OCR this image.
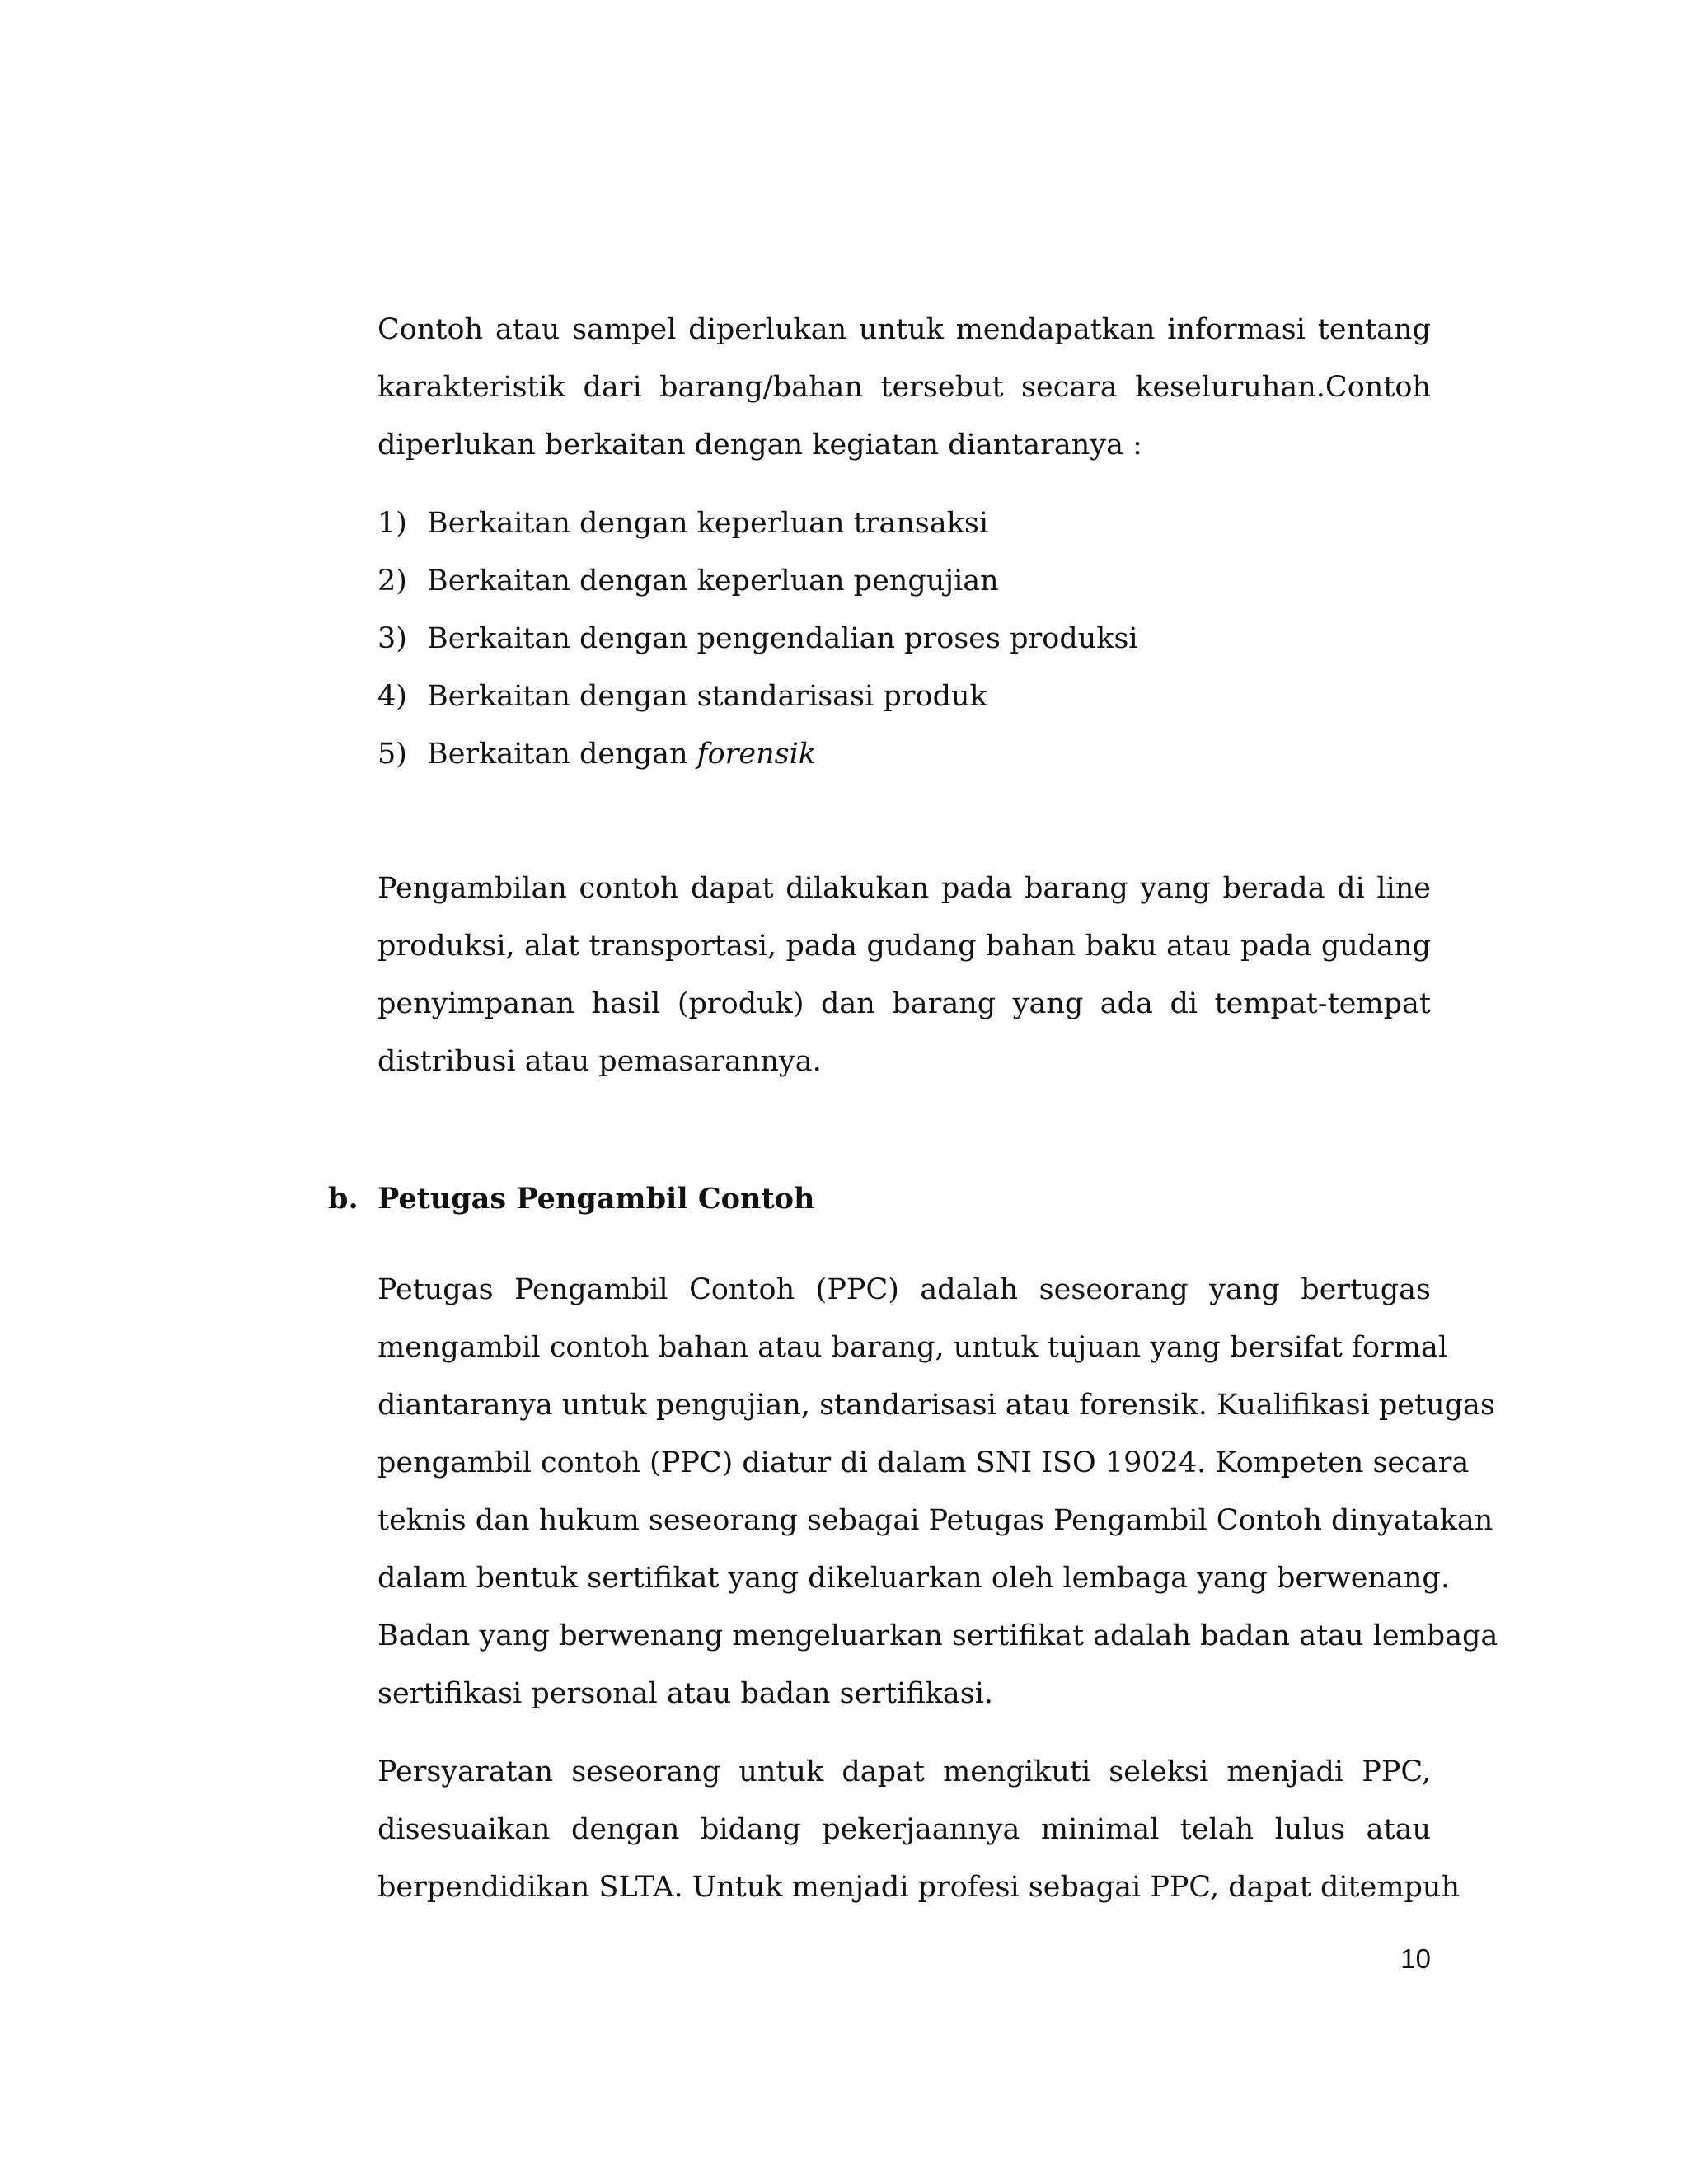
Contoh atau sampel diperlukan untuk mendapatkan informasi tentang
karakteristik dari barang/bahan tersebut secara keseluruhan.Contoh
diperlukan berkaitan dengan kegiatan diantaranya :
1) Berkaitan dengan keperluan transaksi
2) Berkaitan dengan keperluan pengujian
3) Berkaitan dengan pengendalian proses produksi
4) Berkaitan dengan standarisasi produk
5) Berkaitan dengan forensik
Pengambilan contoh dapat dilakukan pada barang yang berada di line
produksi, alat transportasi, pada gudang bahan baku atau pada gudang
penyimpanan hasil (produk) dan barang yang ada di tempat-tempat
distribusi atau pemasarannya.
b. Petugas Pengambil Contoh
Petugas Pengambil Contoh (PPC) adalah seseorang yang bertugas
mengambil contoh bahan atau barang, untuk tujuan yang bersifat formal
diantaranya untuk pengujian, standarisasi atau forensik. Kualifikasi petugas
pengambil contoh (PPC) diatur di dalam SNI ISO 19024. Kompeten secara
teknis dan hukum seseorang sebagai Petugas Pengambil Contoh dinyatakan
dalam bentuk sertifikat yang dikeluarkan oleh lembaga yang berwenang.
Badan yang berwenang mengeluarkan sertifikat adalah badan atau lembaga
sertifikasi personal atau badan sertifikasi.
Persyaratan seseorang untuk dapat mengikuti seleksi menjadi PPC,
disesuaikan dengan bidang pekerjaannya minimal telah lulus atau
berpendidikan SLTA. Untuk menjadi profesi sebagai PPC, dapat ditempuh
10
